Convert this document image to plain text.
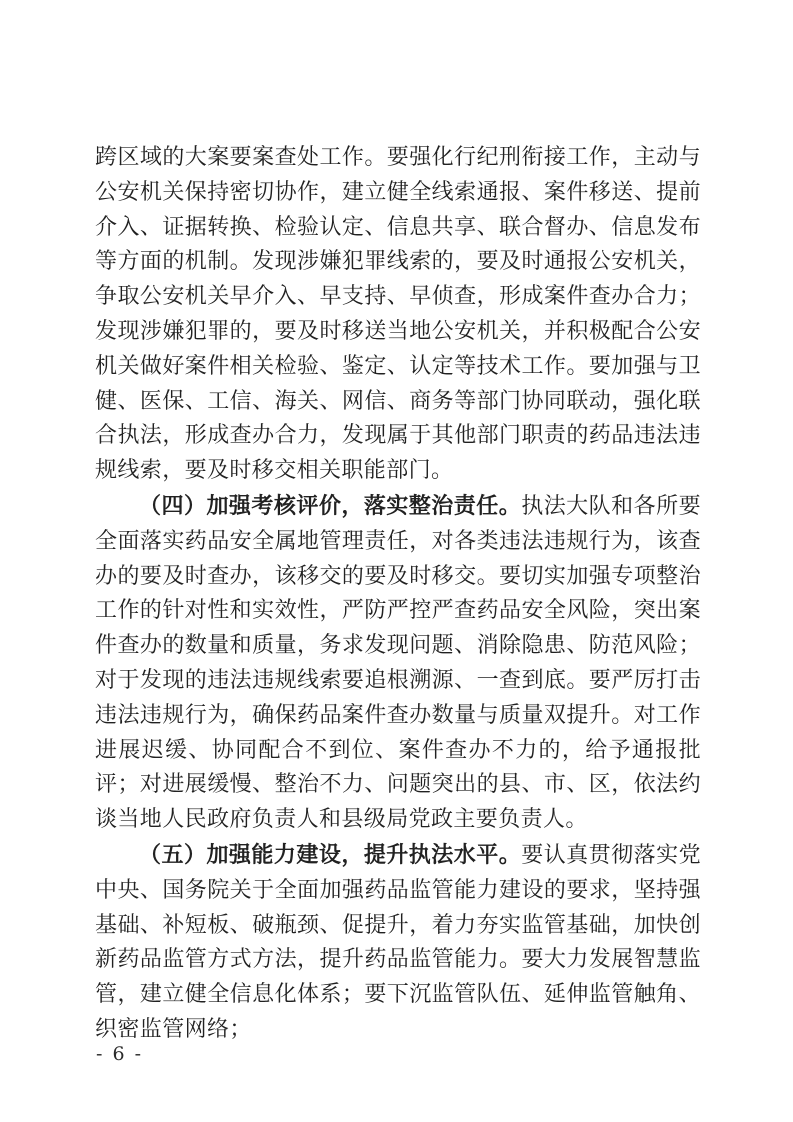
跨区域的大案要案查处工作。要强化行纪刑衔接工作，主动与公安机关保持密切协作，建立健全线索通报、案件移送、提前介入、证据转换、检验认定、信息共享、联合督办、信息发布等方面的机制。发现涉嫌犯罪线索的，要及时通报公安机关，争取公安机关早介入、早支持、早侦查，形成案件查办合力；发现涉嫌犯罪的，要及时移送当地公安机关，并积极配合公安机关做好案件相关检验、鉴定、认定等技术工作。要加强与卫健、医保、工信、海关、网信、商务等部门协同联动，强化联合执法，形成查办合力，发现属于其他部门职责的药品违法违规线索，要及时移交相关职能部门。

（四）加强考核评价，落实整治责任。执法大队和各所要全面落实药品安全属地管理责任，对各类违法违规行为，该查办的要及时查办，该移交的要及时移交。要切实加强专项整治工作的针对性和实效性，严防严控严查药品安全风险，突出案件查办的数量和质量，务求发现问题、消除隐患、防范风险；对于发现的违法违规线索要追根溯源、一查到底。要严厉打击违法违规行为，确保药品案件查办数量与质量双提升。对工作进展迟缓、协同配合不到位、案件查办不力的，给予通报批评；对进展缓慢、整治不力、问题突出的县、市、区，依法约谈当地人民政府负责人和县级局党政主要负责人。

（五）加强能力建设，提升执法水平。要认真贯彻落实党中央、国务院关于全面加强药品监管能力建设的要求，坚持强基础、补短板、破瓶颈、促提升，着力夯实监管基础，加快创新药品监管方式方法，提升药品监管能力。要大力发展智慧监管，建立健全信息化体系；要下沉监管队伍、延伸监管触角、织密监管网络；

- 6 -
